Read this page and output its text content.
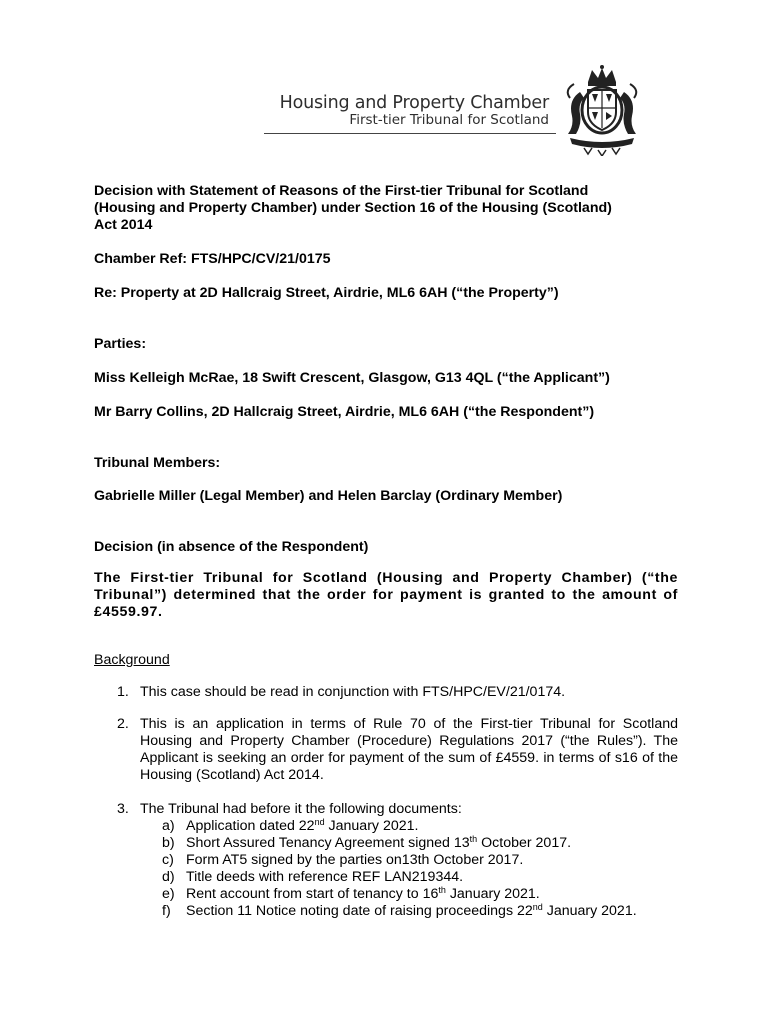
Housing and Property Chamber
First-tier Tribunal for Scotland
Decision with Statement of Reasons of the First-tier Tribunal for Scotland
(Housing and Property Chamber) under Section 16 of the Housing (Scotland)
Act 2014
Chamber Ref: FTS/HPC/CV/21/0175
Re: Property at 2D Hallcraig Street, Airdrie, ML6 6AH (“the Property”)
Parties:
Miss Kelleigh McRae, 18 Swift Crescent, Glasgow, G13 4QL (“the Applicant”)
Mr Barry Collins, 2D Hallcraig Street, Airdrie, ML6 6AH (“the Respondent”)
Tribunal Members:
Gabrielle Miller (Legal Member) and Helen Barclay (Ordinary Member)
Decision (in absence of the Respondent)
The First-tier Tribunal for Scotland (Housing and Property Chamber) (“the Tribunal”) determined that the order for payment is granted to the amount of £4559.97.
Background
1. This case should be read in conjunction with FTS/HPC/EV/21/0174.
2. This is an application in terms of Rule 70 of the First-tier Tribunal for Scotland Housing and Property Chamber (Procedure) Regulations 2017 (“the Rules”). The Applicant is seeking an order for payment of the sum of £4559. in terms of s16 of the Housing (Scotland) Act 2014.
3. The Tribunal had before it the following documents:
a) Application dated 22nd January 2021.
b) Short Assured Tenancy Agreement signed 13th October 2017.
c) Form AT5 signed by the parties on13th October 2017.
d) Title deeds with reference REF LAN219344.
e) Rent account from start of tenancy to 16th January 2021.
f)	Section 11 Notice noting date of raising proceedings 22nd January 2021.
